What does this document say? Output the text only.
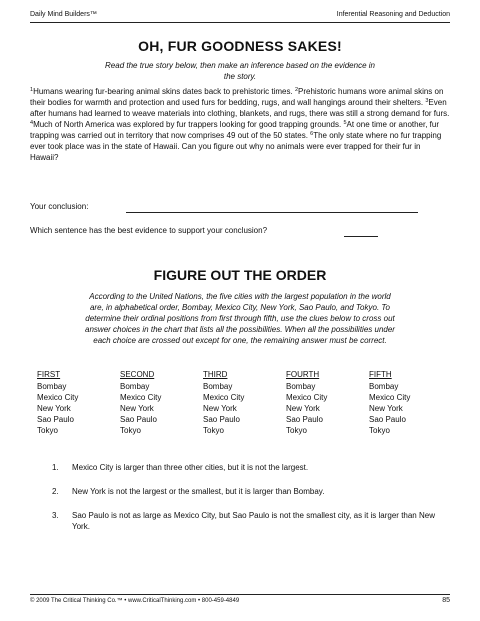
Daily Mind Builders™	Inferential Reasoning and Deduction
OH, FUR GOODNESS SAKES!
Read the true story below, then make an inference based on the evidence in the story.
$^1$Humans wearing fur-bearing animal skins dates back to prehistoric times. $^2$Prehistoric humans wore animal skins on their bodies for warmth and protection and used furs for bedding, rugs, and wall hangings around their shelters. $^3$Even after humans had learned to weave materials into clothing, blankets, and rugs, there was still a strong demand for furs. $^4$Much of North America was explored by fur trappers looking for good trapping grounds. $^5$At one time or another, fur trapping was carried out in territory that now comprises 49 out of the 50 states. $^6$The only state where no fur trapping ever took place was in the state of Hawaii. Can you figure out why no animals were ever trapped for their fur in Hawaii?
Your conclusion:
Which sentence has the best evidence to support your conclusion?
FIGURE OUT THE ORDER
According to the United Nations, the five cities with the largest population in the world are, in alphabetical order, Bombay, Mexico City, New York, Sao Paulo, and Tokyo. To determine their ordinal positions from first through fifth, use the clues below to cross out answer choices in the chart that lists all the possibilities. When all the possibilities under each choice are crossed out except for one, the remaining answer must be correct.
FIRST
Bombay
Mexico City
New York
Sao Paulo
Tokyo
SECOND
Bombay
Mexico City
New York
Sao Paulo
Tokyo
THIRD
Bombay
Mexico City
New York
Sao Paulo
Tokyo
FOURTH
Bombay
Mexico City
New York
Sao Paulo
Tokyo
FIFTH
Bombay
Mexico City
New York
Sao Paulo
Tokyo
1. Mexico City is larger than three other cities, but it is not the largest.
2. New York is not the largest or the smallest, but it is larger than Bombay.
3. Sao Paulo is not as large as Mexico City, but Sao Paulo is not the smallest city, as it is larger than New York.
© 2009 The Critical Thinking Co.™ • www.CriticalThinking.com • 800-459-4849	85
